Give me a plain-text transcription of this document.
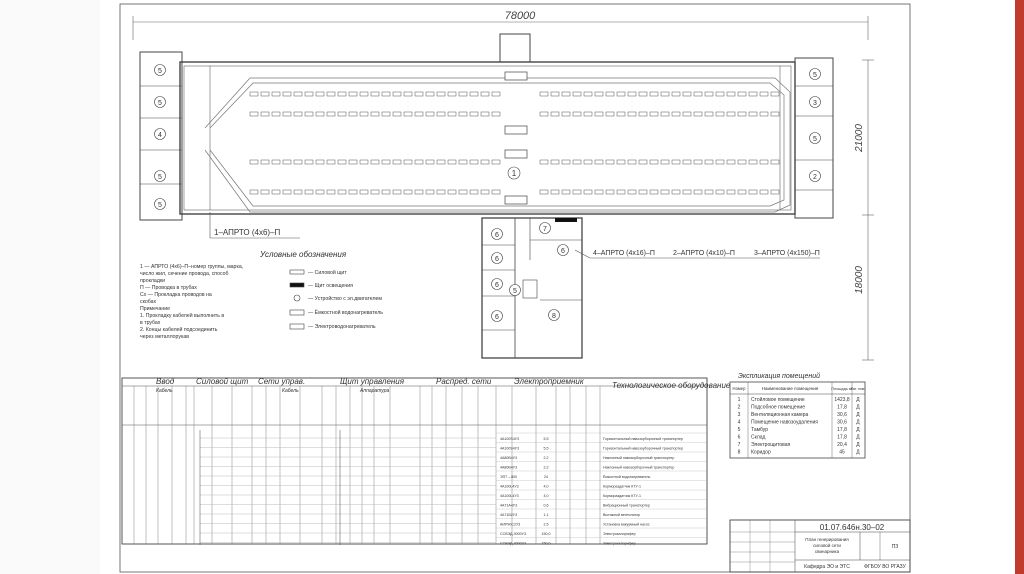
78000
21000
18000
1
5
5
4
5
5
5
3
5
2
6
6
6
6
7
6
5
8
1–АПРТО (4х6)–П
4–АПРТО (4х16)–П	2–АПРТО (4х10)–П	3–АПРТО (4х150)–П
Условные обозначения
1 — АПРТО (4х6)–П–номер группы, марка,
число жил, сечение провода, способ
прокладки
П — Проводка в трубах
Сх — Прокладка проводов на
скобах
Примечание
1. Прокладку кабелей выполнить в
в трубах
2. Концы кабелей подсоединить
через металлорукав
— Силовой щит
— Щит освещения
— Устройство с эл.двигателем
— Ёмкостной водонагреватель
— Электроводонагреватель
Ввод
Кабель
Силовой щит Сети управ.
Кабель
Щит управления
Аппаратура
Распред. сети	Электроприемник	Технологическое оборудование
4A100S4У3	5,5	Горизонтальный навозоуборочный транспортер
4A100S4У3	5,5	Горизонтальный навозоуборочный транспортер
4A80B4У3	2,2	Наклонный навозоуборочный транспортер
4A80B4У3	2,2	Наклонный навозоуборочный транспортер
ЭП7 – 800	24	Ёмкостной водонагреватель
4A100L4У3	4,0	Кормораздатчик КТУ-1
4A100L4У3	4,0	Кормораздатчик КТУ-1
4A71A4У3	0,6	Вибрационный транспортер
4A71B2У3	1,1	Вытяжной вентилятор
АИР90С2У3	2,5	Установка вакуумный насос
ССВЭД-3000У3	150,0	Электрокалорифер
ССВЭД-3000У3	150,0	Электрокалорифер
Экспликация помещений
Номер	Наименование помещения	Площадь м²
Кат. пом.
1 Стойловое помещение	1423,8 Д
2 Подсобное помещение	17,8 Д
3 Вентиляционная камера	30,6 Д
4 Помещение навозоудаления	30,6 Д
5 Тамбур	17,8 Д
6 Склад	17,8 Д
7 Электрощитовая	20,4 Д
8 Коридор	45 Д
01.07.646н.30–02
План генерирования
силовой сети
свинарника
ПЗ
Кафедра ЭО и ЭТС	ФГБОУ ВО РГАЗУ
